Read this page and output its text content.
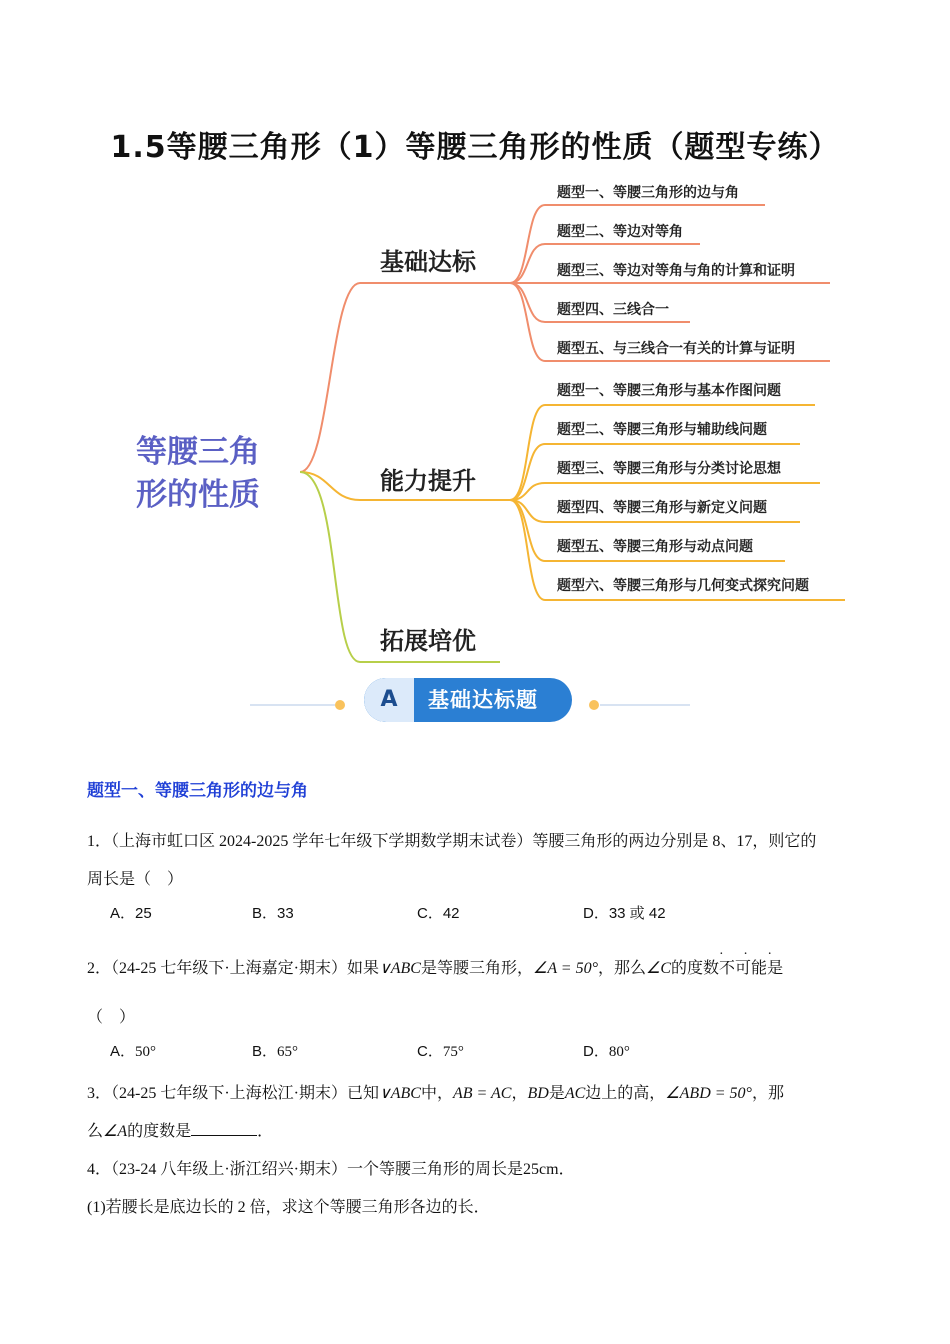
1.5等腰三角形（1）等腰三角形的性质（题型专练）
等腰三角
形的性质
基础达标
能力提升
拓展培优
题型一、等腰三角形的边与角
题型二、等边对等角
题型三、等边对等角与角的计算和证明
题型四、三线合一
题型五、与三线合一有关的计算与证明
题型一、等腰三角形与基本作图问题
题型二、等腰三角形与辅助线问题
题型三、等腰三角形与分类讨论思想
题型四、等腰三角形与新定义问题
题型五、等腰三角形与动点问题
题型六、等腰三角形与几何变式探究问题
A	基础达标题
题型一、等腰三角形的边与角
1．（上海市虹口区 2024-2025 学年七年级下学期数学期末试卷）等腰三角形的两边分别是 8、17，则它的
周长是（　）
A．25	B．33	C．42	D．33 或 42
2．（24-25 七年级下·上海嘉定·期末）如果∨ABC是等腰三角形，∠A = 50°，那么∠C的度数不可能
· · ·
是
（　）
A．50°	B．65°	C．75°	D．80°
3．（24-25 七年级下·上海松江·期末）已知∨ABC中，AB = AC，BD是AC边上的高，∠ABD = 50°，那
么∠A的度数是	．
4．（23-24 八年级上·浙江绍兴·期末）一个等腰三角形的周长是25cm．
(1)若腰长是底边长的 2 倍，求这个等腰三角形各边的长．
